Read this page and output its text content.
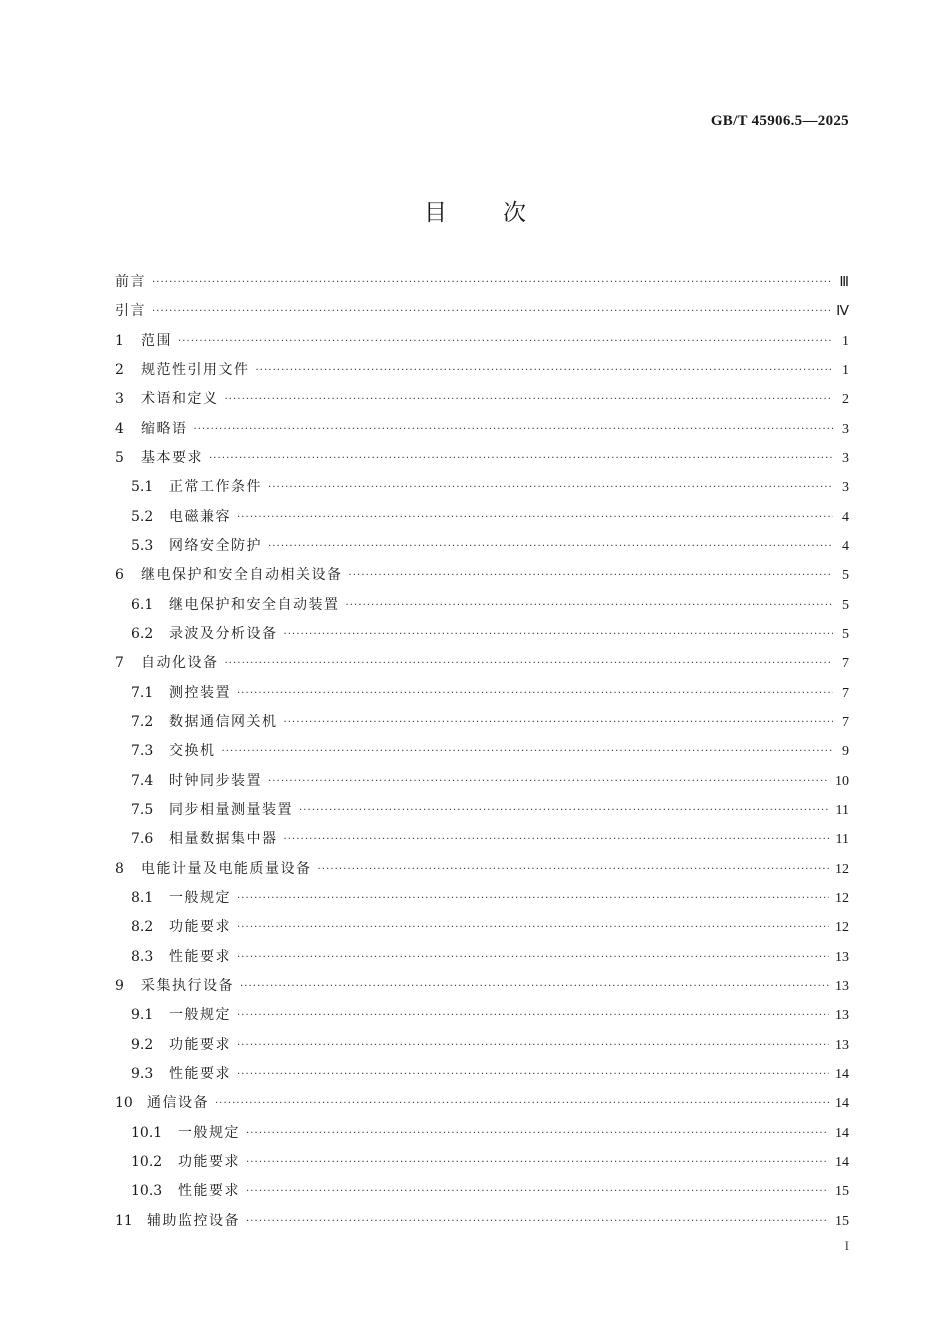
GB/T 45906.5—2025
目次
前言 ·····	Ⅲ
引言 ·····	Ⅳ
1	范围 ·····	1
2	规范性引用文件 ·····	1
3	术语和定义 ·····	2
4	缩略语 ·····	3
5	基本要求 ·····	3
5.1	正常工作条件 ·····	3
5.2	电磁兼容 ·····	4
5.3	网络安全防护 ·····	4
6	继电保护和安全自动相关设备 ·····	5
6.1	继电保护和安全自动装置 ·····	5
6.2	录波及分析设备 ·····	5
7	自动化设备 ·····	7
7.1	测控装置 ·····	7
7.2	数据通信网关机 ·····	7
7.3	交换机 ·····	9
7.4	时钟同步装置 ·····	10
7.5	同步相量测量装置 ·····	11
7.6	相量数据集中器 ·····	11
8	电能计量及电能质量设备 ·····	12
8.1	一般规定 ·····	12
8.2	功能要求 ·····	12
8.3	性能要求 ·····	13
9	采集执行设备 ·····	13
9.1	一般规定 ·····	13
9.2	功能要求 ·····	13
9.3	性能要求 ·····	14
10	通信设备 ·····	14
10.1	一般规定 ·····	14
10.2	功能要求 ·····	14
10.3	性能要求 ·····	15
11	辅助监控设备 ·····	15
I
